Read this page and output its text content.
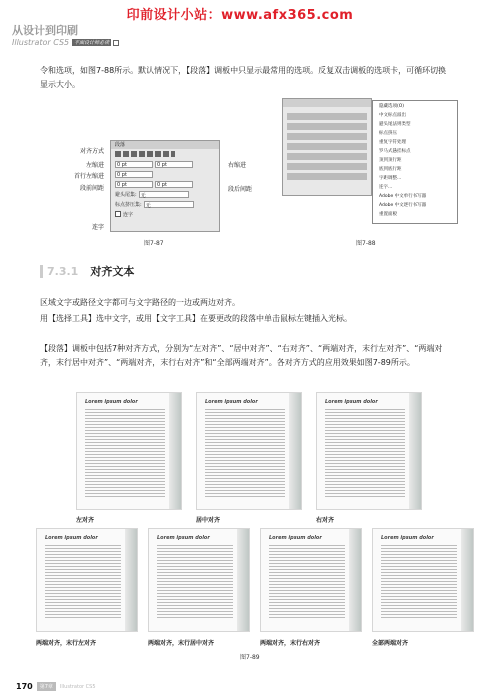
印前设计小站：www.afx365.com
从设计到印刷
Illustrator CS5 平面设计师必读
令和选项，如图7-88所示。默认情况下，【段落】调板中只显示最常用的选项。反复双击调板的选项卡，可循环切换显示大小。
段落
0 pt	0 pt
0 pt
0 pt	0 pt
避头尾集: 无
标点挤压集: 无
连字
对齐方式
左缩进
首行左缩进
段前间距
右缩进
段后间距
连字
图7-87
隐藏选项(O)
中文标点溢出
避头尾法则类型
标点挤压
重复字符处理
罗马式悬挂标点
顶到顶行距
底到底行距
字距调整...
连字...
Adobe 中文单行书写器
Adobe 中文逐行书写器
重置面板
图7-88
7.3.1 对齐文本
区域文字或路径文字都可与文字路径的一边或两边对齐。
用【选择工具】选中文字，或用【文字工具】在要更改的段落中单击鼠标左键插入光标。
【段落】调板中包括7种对齐方式，分别为“左对齐”、“居中对齐”、“右对齐”、“两端对齐，末行左对齐”、“两端对齐，末行居中对齐”、“两端对齐，末行右对齐”和“全部两端对齐”。各对齐方式的应用效果如图7-89所示。
Lorem ipsum dolor	Lorem ipsum dolor	Lorem ipsum dolor
左对齐	居中对齐	右对齐
Lorem ipsum dolor	Lorem ipsum dolor	Lorem ipsum dolor	Lorem ipsum dolor
两端对齐，末行左对齐	两端对齐，末行居中对齐	两端对齐，末行右对齐	全部两端对齐
图7-89
170	第7章	Illustrator CS5
